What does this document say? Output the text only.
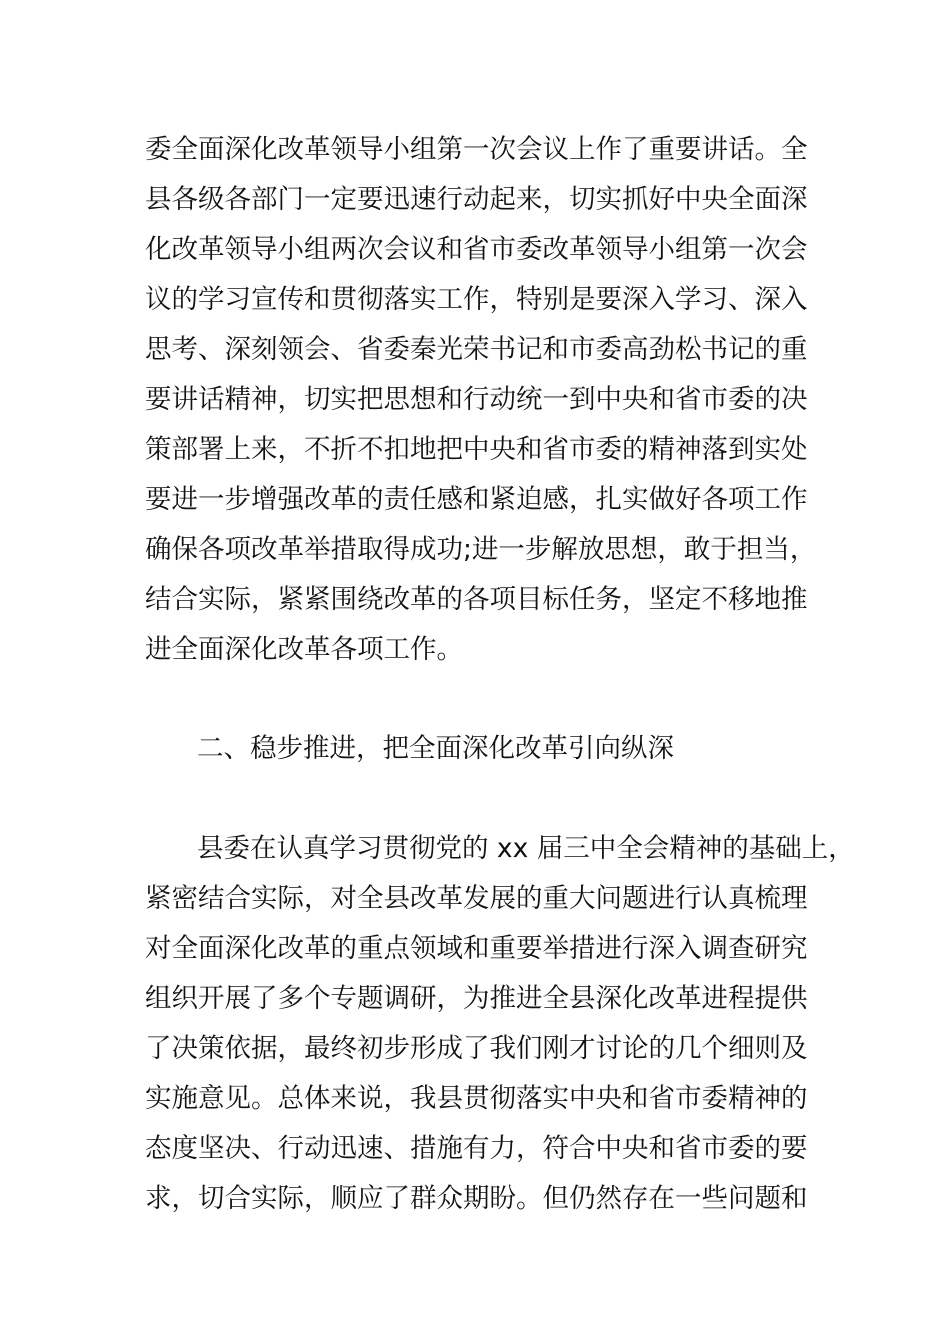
委全面深化改革领导小组第一次会议上作了重要讲话。全
县各级各部门一定要迅速行动起来，切实抓好中央全面深
化改革领导小组两次会议和省市委改革领导小组第一次会
议的学习宣传和贯彻落实工作，特别是要深入学习、深入
思考、深刻领会、省委秦光荣书记和市委高劲松书记的重
要讲话精神，切实把思想和行动统一到中央和省市委的决
策部署上来，不折不扣地把中央和省市委的精神落到实处
要进一步增强改革的责任感和紧迫感，扎实做好各项工作
确保各项改革举措取得成功;进一步解放思想，敢于担当，
结合实际，紧紧围绕改革的各项目标任务，坚定不移地推
进全面深化改革各项工作。
二、稳步推进，把全面深化改革引向纵深
县委在认真学习贯彻党的 xx 届三中全会精神的基础上，
紧密结合实际，对全县改革发展的重大问题进行认真梳理
对全面深化改革的重点领域和重要举措进行深入调查研究
组织开展了多个专题调研，为推进全县深化改革进程提供
了决策依据，最终初步形成了我们刚才讨论的几个细则及
实施意见。总体来说，我县贯彻落实中央和省市委精神的
态度坚决、行动迅速、措施有力，符合中央和省市委的要
求，切合实际，顺应了群众期盼。但仍然存在一些问题和
